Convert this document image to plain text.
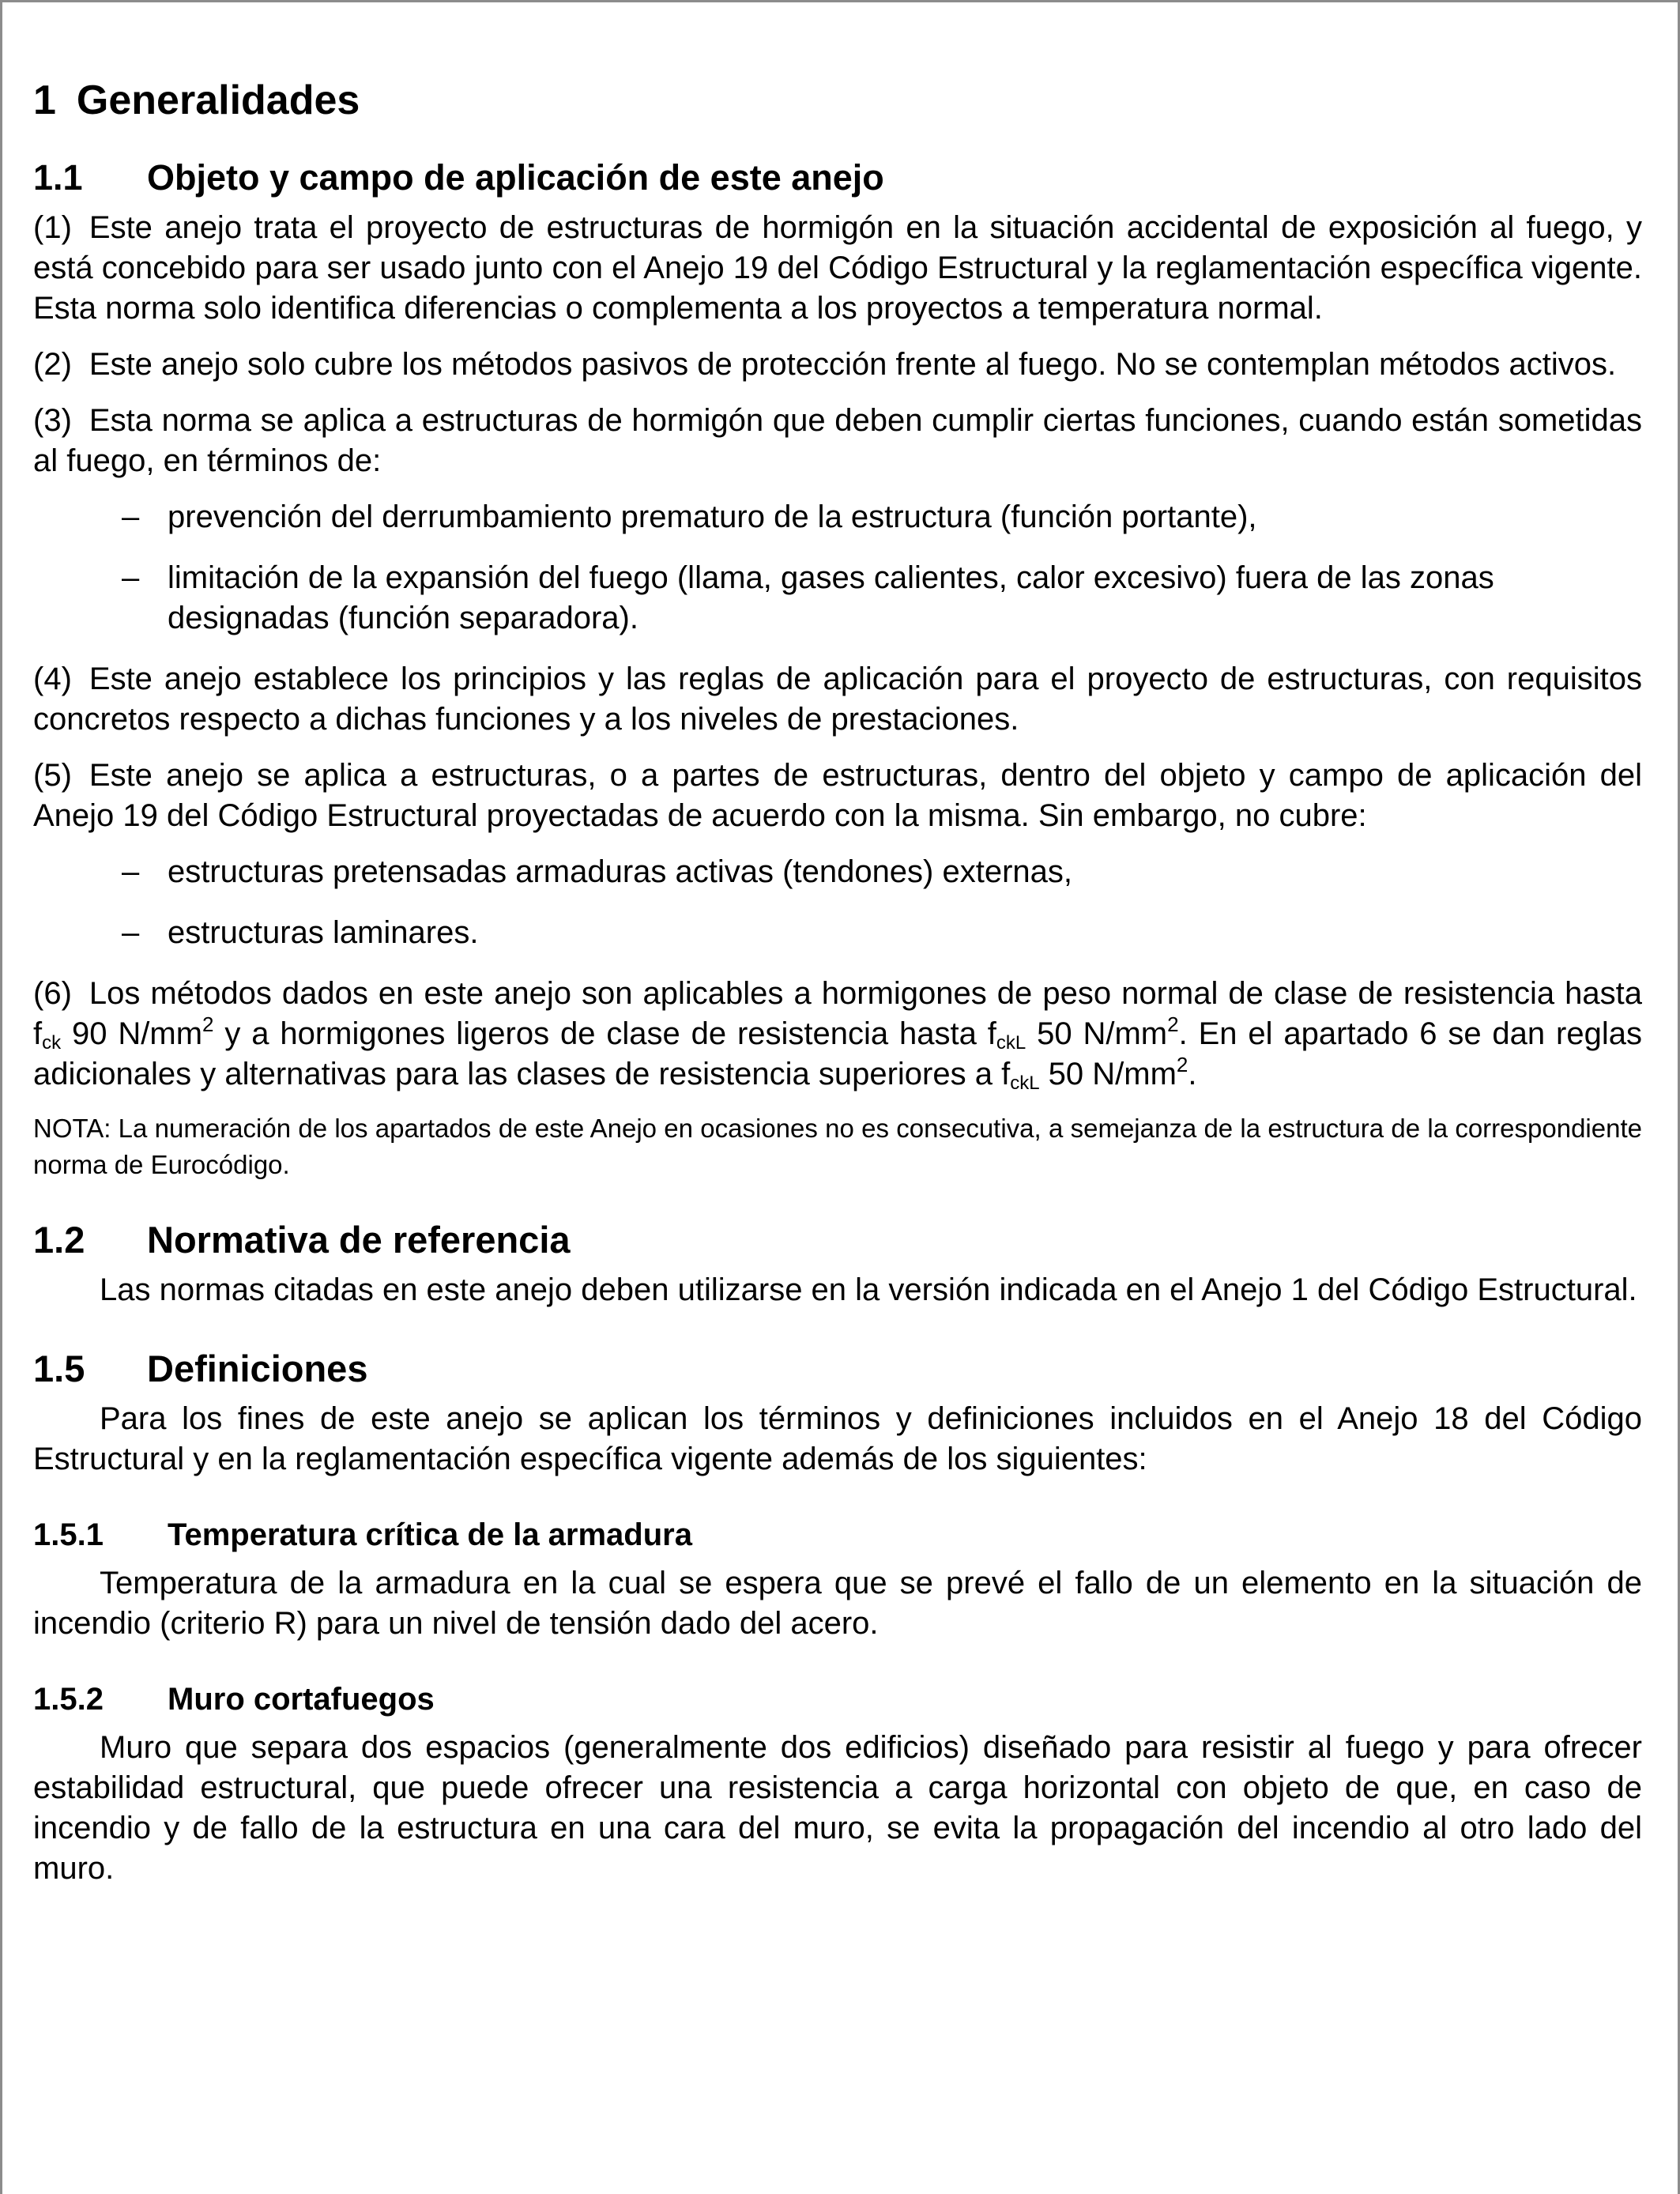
1 Generalidades
1.1	Objeto y campo de aplicación de este anejo

(1) Este anejo trata el proyecto de estructuras de hormigón en la situación accidental de exposición al fuego, y está concebido para ser usado junto con el Anejo 19 del Código Estructural y la reglamentación específica vigente. Esta norma solo identifica diferencias o complementa a los proyectos a temperatura normal.

(2) Este anejo solo cubre los métodos pasivos de protección frente al fuego. No se contemplan métodos activos.

(3) Esta norma se aplica a estructuras de hormigón que deben cumplir ciertas funciones, cuando están sometidas al fuego, en términos de:

– prevención del derrumbamiento prematuro de la estructura (función portante),
– limitación de la expansión del fuego (llama, gases calientes, calor excesivo) fuera de las zonas designadas (función separadora).

(4) Este anejo establece los principios y las reglas de aplicación para el proyecto de estructuras, con requisitos concretos respecto a dichas funciones y a los niveles de prestaciones.

(5) Este anejo se aplica a estructuras, o a partes de estructuras, dentro del objeto y campo de aplicación del Anejo 19 del Código Estructural proyectadas de acuerdo con la misma. Sin embargo, no cubre:

– estructuras pretensadas armaduras activas (tendones) externas,
– estructuras laminares.

(6) Los métodos dados en este anejo son aplicables a hormigones de peso normal de clase de resistencia hasta $f_{ck}$ 90 $N/mm^2$ y a hormigones ligeros de clase de resistencia hasta $f_{ckL}$ 50 $N/mm^2$. En el apartado 6 se dan reglas adicionales y alternativas para las clases de resistencia superiores a $f_{ckL}$ 50 $N/mm^2$.

NOTA: La numeración de los apartados de este Anejo en ocasiones no es consecutiva, a semejanza de la estructura de la correspondiente norma de Eurocódigo.

1.2	Normativa de referencia

Las normas citadas en este anejo deben utilizarse en la versión indicada en el Anejo 1 del Código Estructural.

1.5	Definiciones

Para los fines de este anejo se aplican los términos y definiciones incluidos en el Anejo 18 del Código Estructural y en la reglamentación específica vigente además de los siguientes:

1.5.1	Temperatura crítica de la armadura

Temperatura de la armadura en la cual se espera que se prevé el fallo de un elemento en la situación de incendio (criterio R) para un nivel de tensión dado del acero.

1.5.2	Muro cortafuegos

Muro que separa dos espacios (generalmente dos edificios) diseñado para resistir al fuego y para ofrecer estabilidad estructural, que puede ofrecer una resistencia a carga horizontal con objeto de que, en caso de incendio y de fallo de la estructura en una cara del muro, se evita la propagación del incendio al otro lado del muro.
